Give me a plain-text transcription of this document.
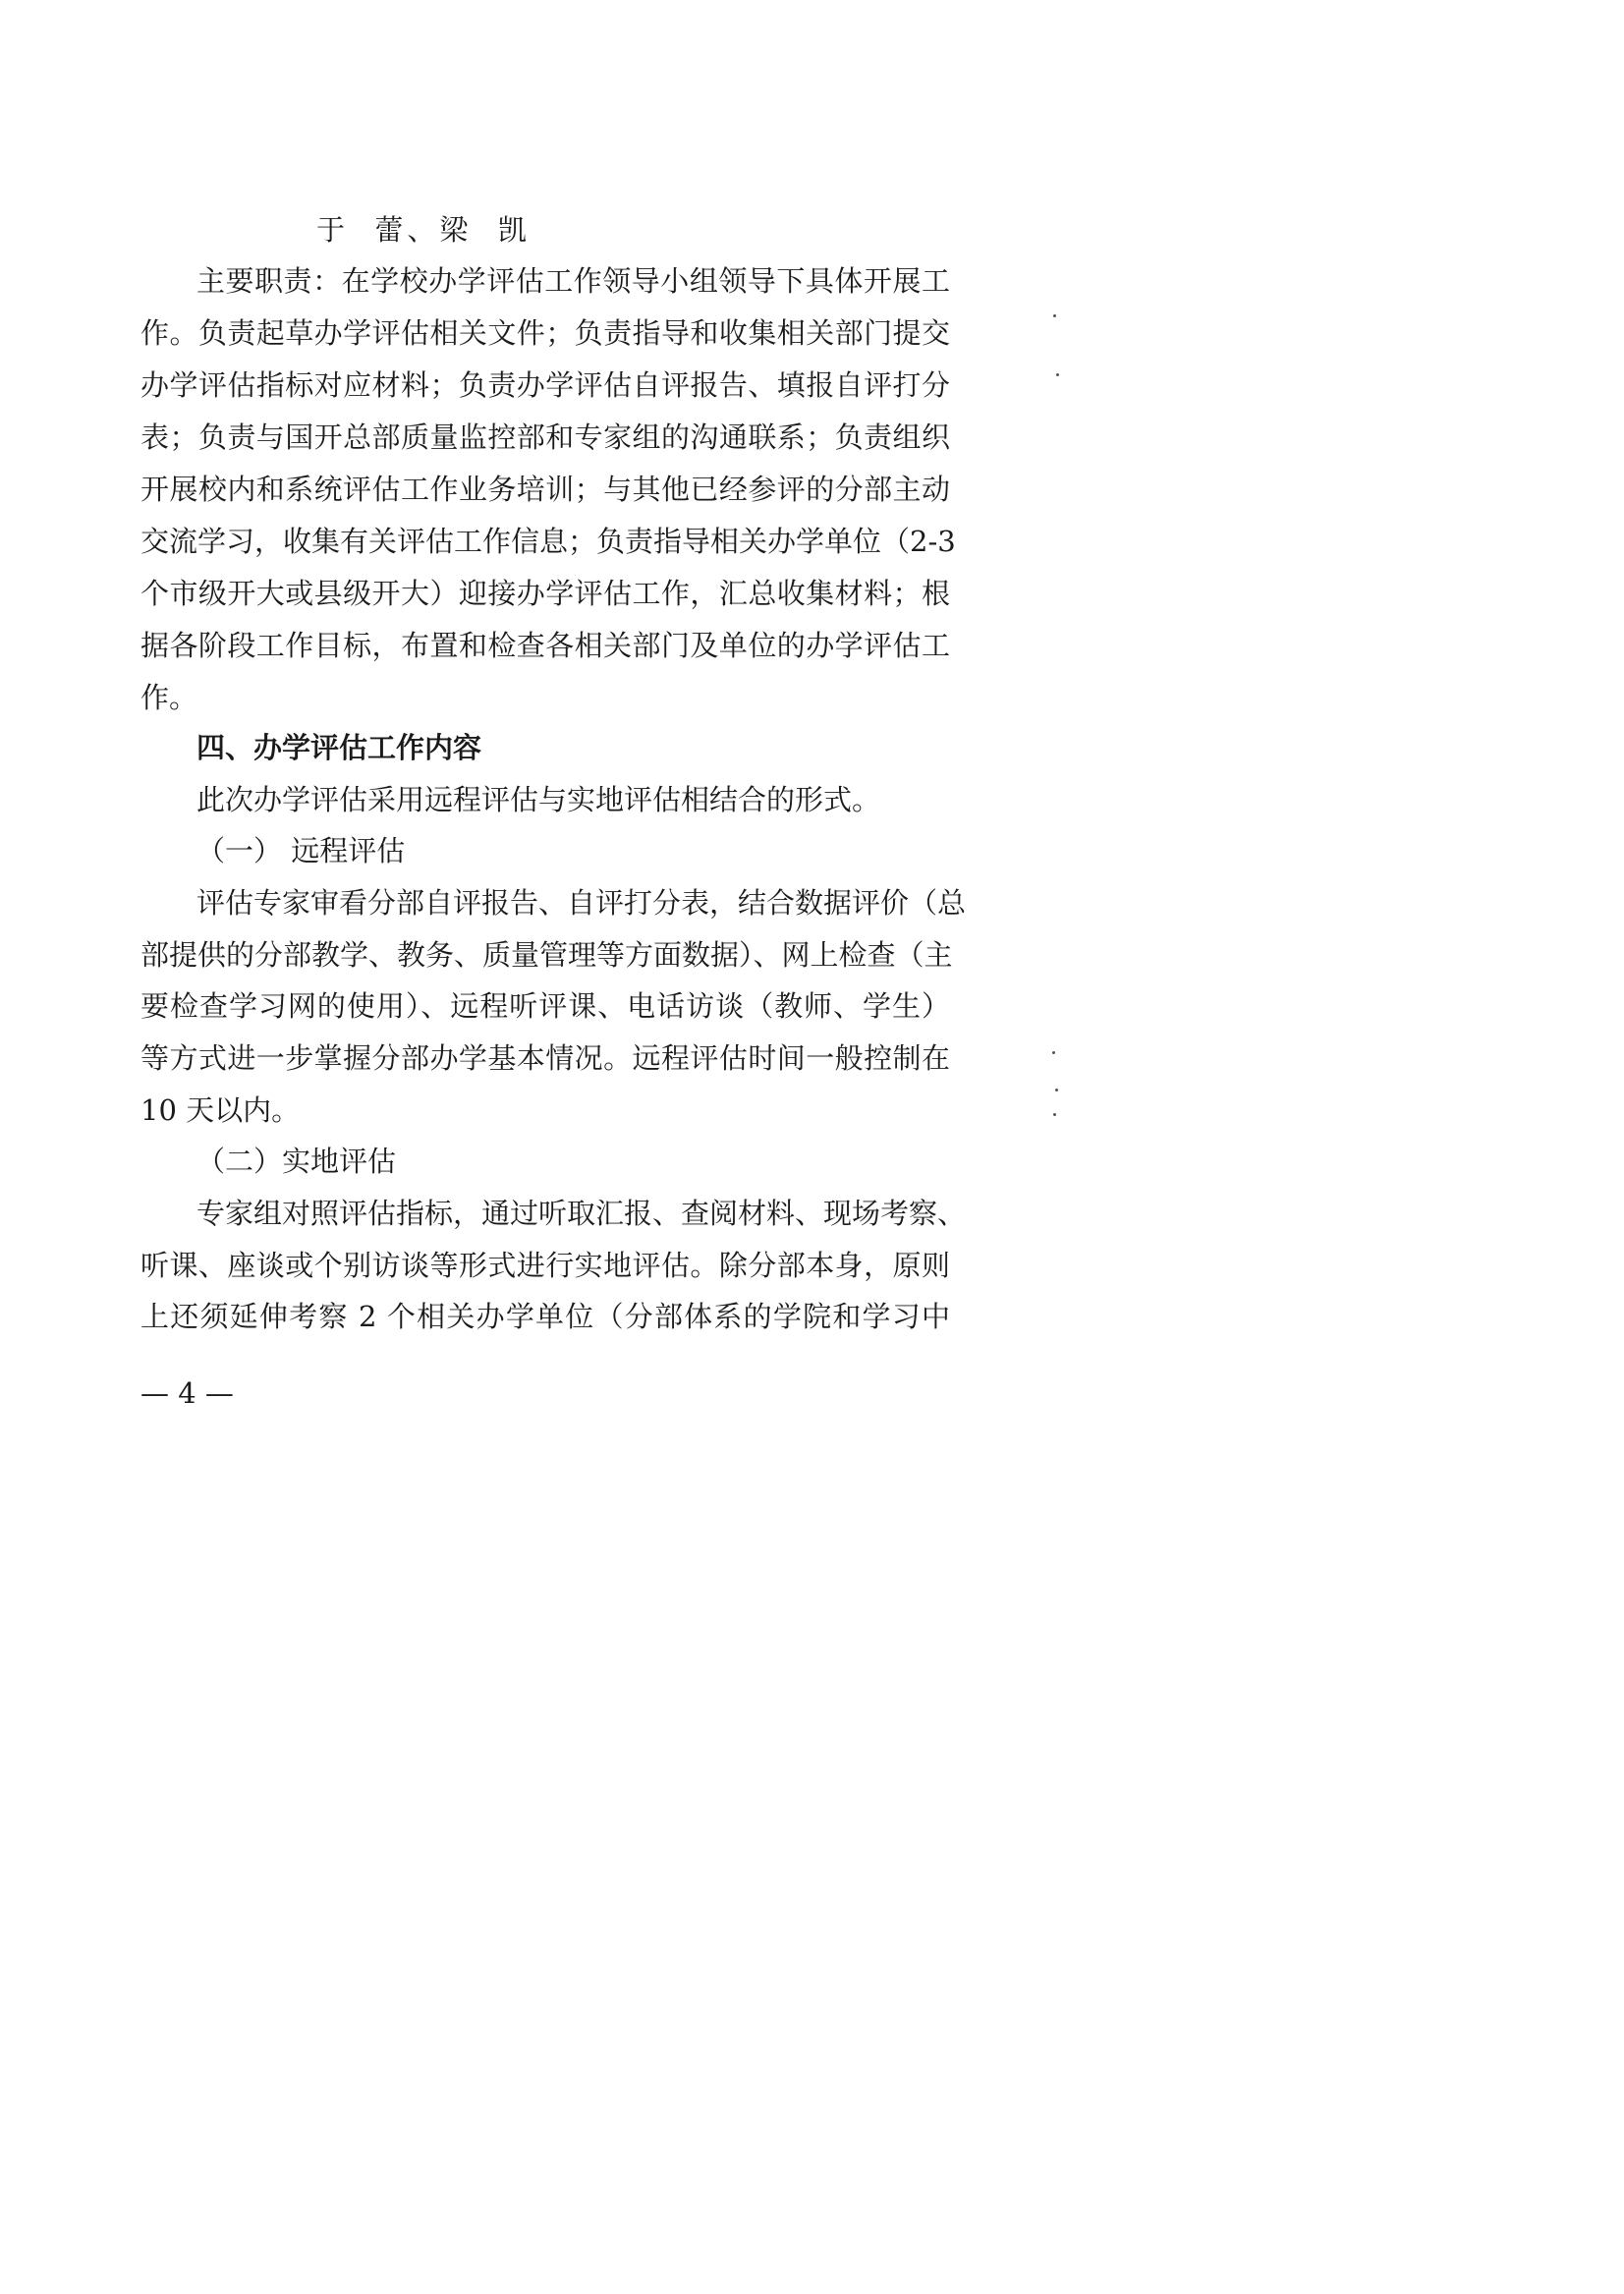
于  蕾、梁  凯
主要职责：在学校办学评估工作领导小组领导下具体开展工
作。负责起草办学评估相关文件；负责指导和收集相关部门提交
办学评估指标对应材料；负责办学评估自评报告、填报自评打分
表；负责与国开总部质量监控部和专家组的沟通联系；负责组织
开展校内和系统评估工作业务培训；与其他已经参评的分部主动
交流学习，收集有关评估工作信息；负责指导相关办学单位（2-3
个市级开大或县级开大）迎接办学评估工作，汇总收集材料；根
据各阶段工作目标，布置和检查各相关部门及单位的办学评估工
作。
四、办学评估工作内容
此次办学评估采用远程评估与实地评估相结合的形式。
（一） 远程评估
评估专家审看分部自评报告、自评打分表，结合数据评价（总
部提供的分部教学、教务、质量管理等方面数据）、网上检查（主
要检查学习网的使用）、远程听评课、电话访谈（教师、学生）
等方式进一步掌握分部办学基本情况。远程评估时间一般控制在
10 天以内。
（二）实地评估
专家组对照评估指标，通过听取汇报、查阅材料、现场考察、
听课、座谈或个别访谈等形式进行实地评估。除分部本身，原则
上还须延伸考察 2 个相关办学单位（分部体系的学院和学习中
— 4 —
